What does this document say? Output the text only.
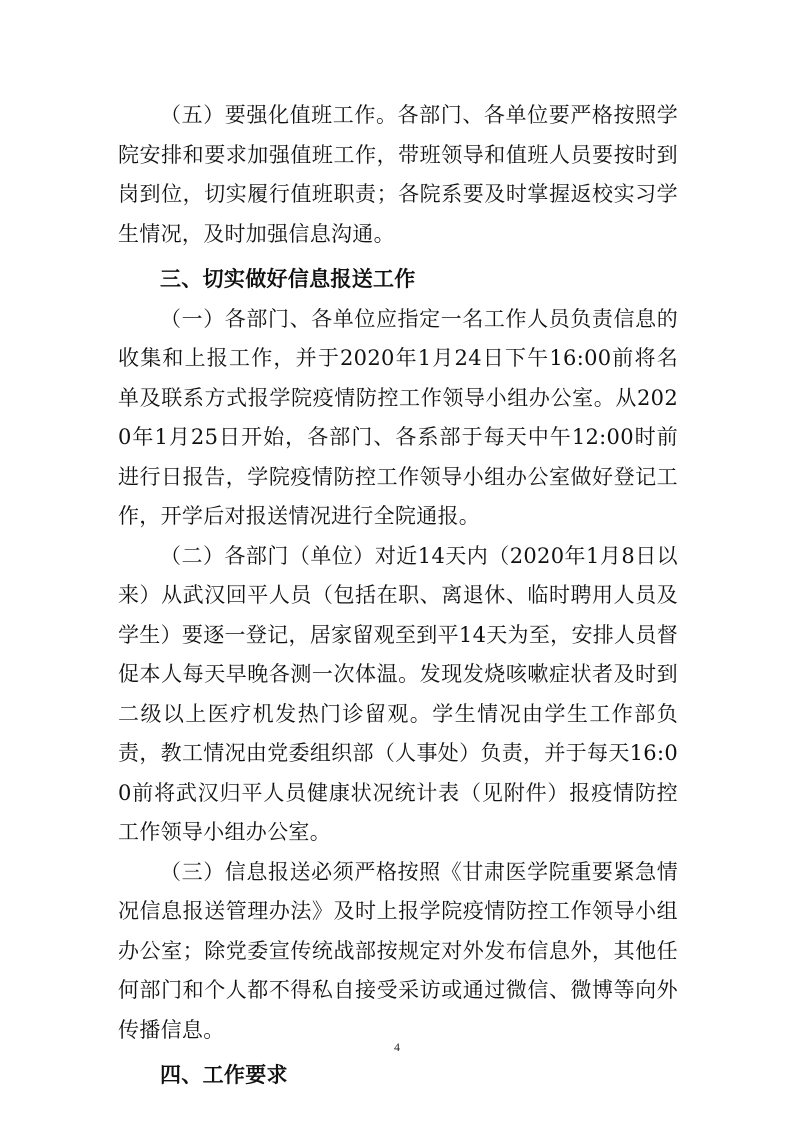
（五）要强化值班工作。各部门、各单位要严格按照学院安排和要求加强值班工作，带班领导和值班人员要按时到岗到位，切实履行值班职责；各院系要及时掌握返校实习学生情况，及时加强信息沟通。

三、切实做好信息报送工作

（一）各部门、各单位应指定一名工作人员负责信息的收集和上报工作，并于2020年1月24日下午16:00前将名单及联系方式报学院疫情防控工作领导小组办公室。从2020年1月25日开始，各部门、各系部于每天中午12:00时前进行日报告，学院疫情防控工作领导小组办公室做好登记工作，开学后对报送情况进行全院通报。

（二）各部门（单位）对近14天内（2020年1月8日以来）从武汉回平人员（包括在职、离退休、临时聘用人员及学生）要逐一登记，居家留观至到平14天为至，安排人员督促本人每天早晚各测一次体温。发现发烧咳嗽症状者及时到二级以上医疗机发热门诊留观。学生情况由学生工作部负责，教工情况由党委组织部（人事处）负责，并于每天16:00前将武汉归平人员健康状况统计表（见附件）报疫情防控工作领导小组办公室。

（三）信息报送必须严格按照《甘肃医学院重要紧急情况信息报送管理办法》及时上报学院疫情防控工作领导小组办公室；除党委宣传统战部按规定对外发布信息外，其他任何部门和个人都不得私自接受采访或通过微信、微博等向外传播信息。

四、工作要求

4
